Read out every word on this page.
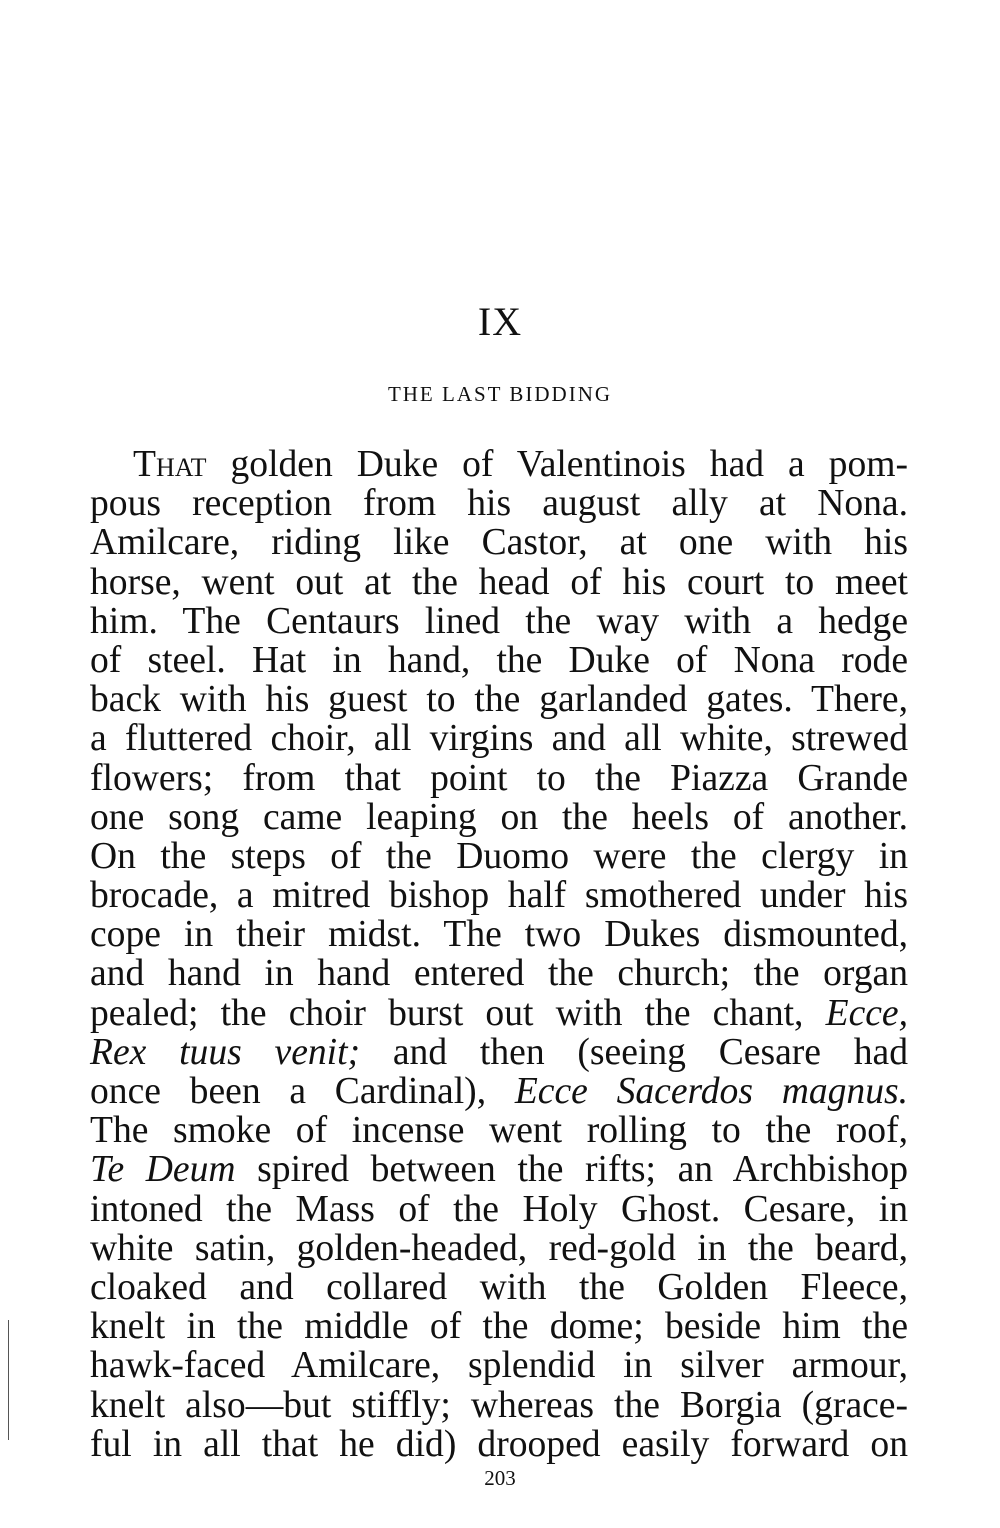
IX
THE LAST BIDDING
That golden Duke of Valentinois had a pom-
pous reception from his august ally at Nona.
Amilcare, riding like Castor, at one with his
horse, went out at the head of his court to meet
him. The Centaurs lined the way with a hedge
of steel. Hat in hand, the Duke of Nona rode
back with his guest to the garlanded gates. There,
a fluttered choir, all virgins and all white, strewed
flowers; from that point to the Piazza Grande
one song came leaping on the heels of another.
On the steps of the Duomo were the clergy in
brocade, a mitred bishop half smothered under his
cope in their midst. The two Dukes dismounted,
and hand in hand entered the church; the organ
pealed; the choir burst out with the chant, Ecce,
Rex tuus venit; and then (seeing Cesare had
once been a Cardinal), Ecce Sacerdos magnus.
The smoke of incense went rolling to the roof,
Te Deum spired between the rifts; an Archbishop
intoned the Mass of the Holy Ghost. Cesare, in
white satin, golden-headed, red-gold in the beard,
cloaked and collared with the Golden Fleece,
knelt in the middle of the dome; beside him the
hawk-faced Amilcare, splendid in silver armour,
knelt also—but stiffly; whereas the Borgia (grace-
ful in all that he did) drooped easily forward on
203
